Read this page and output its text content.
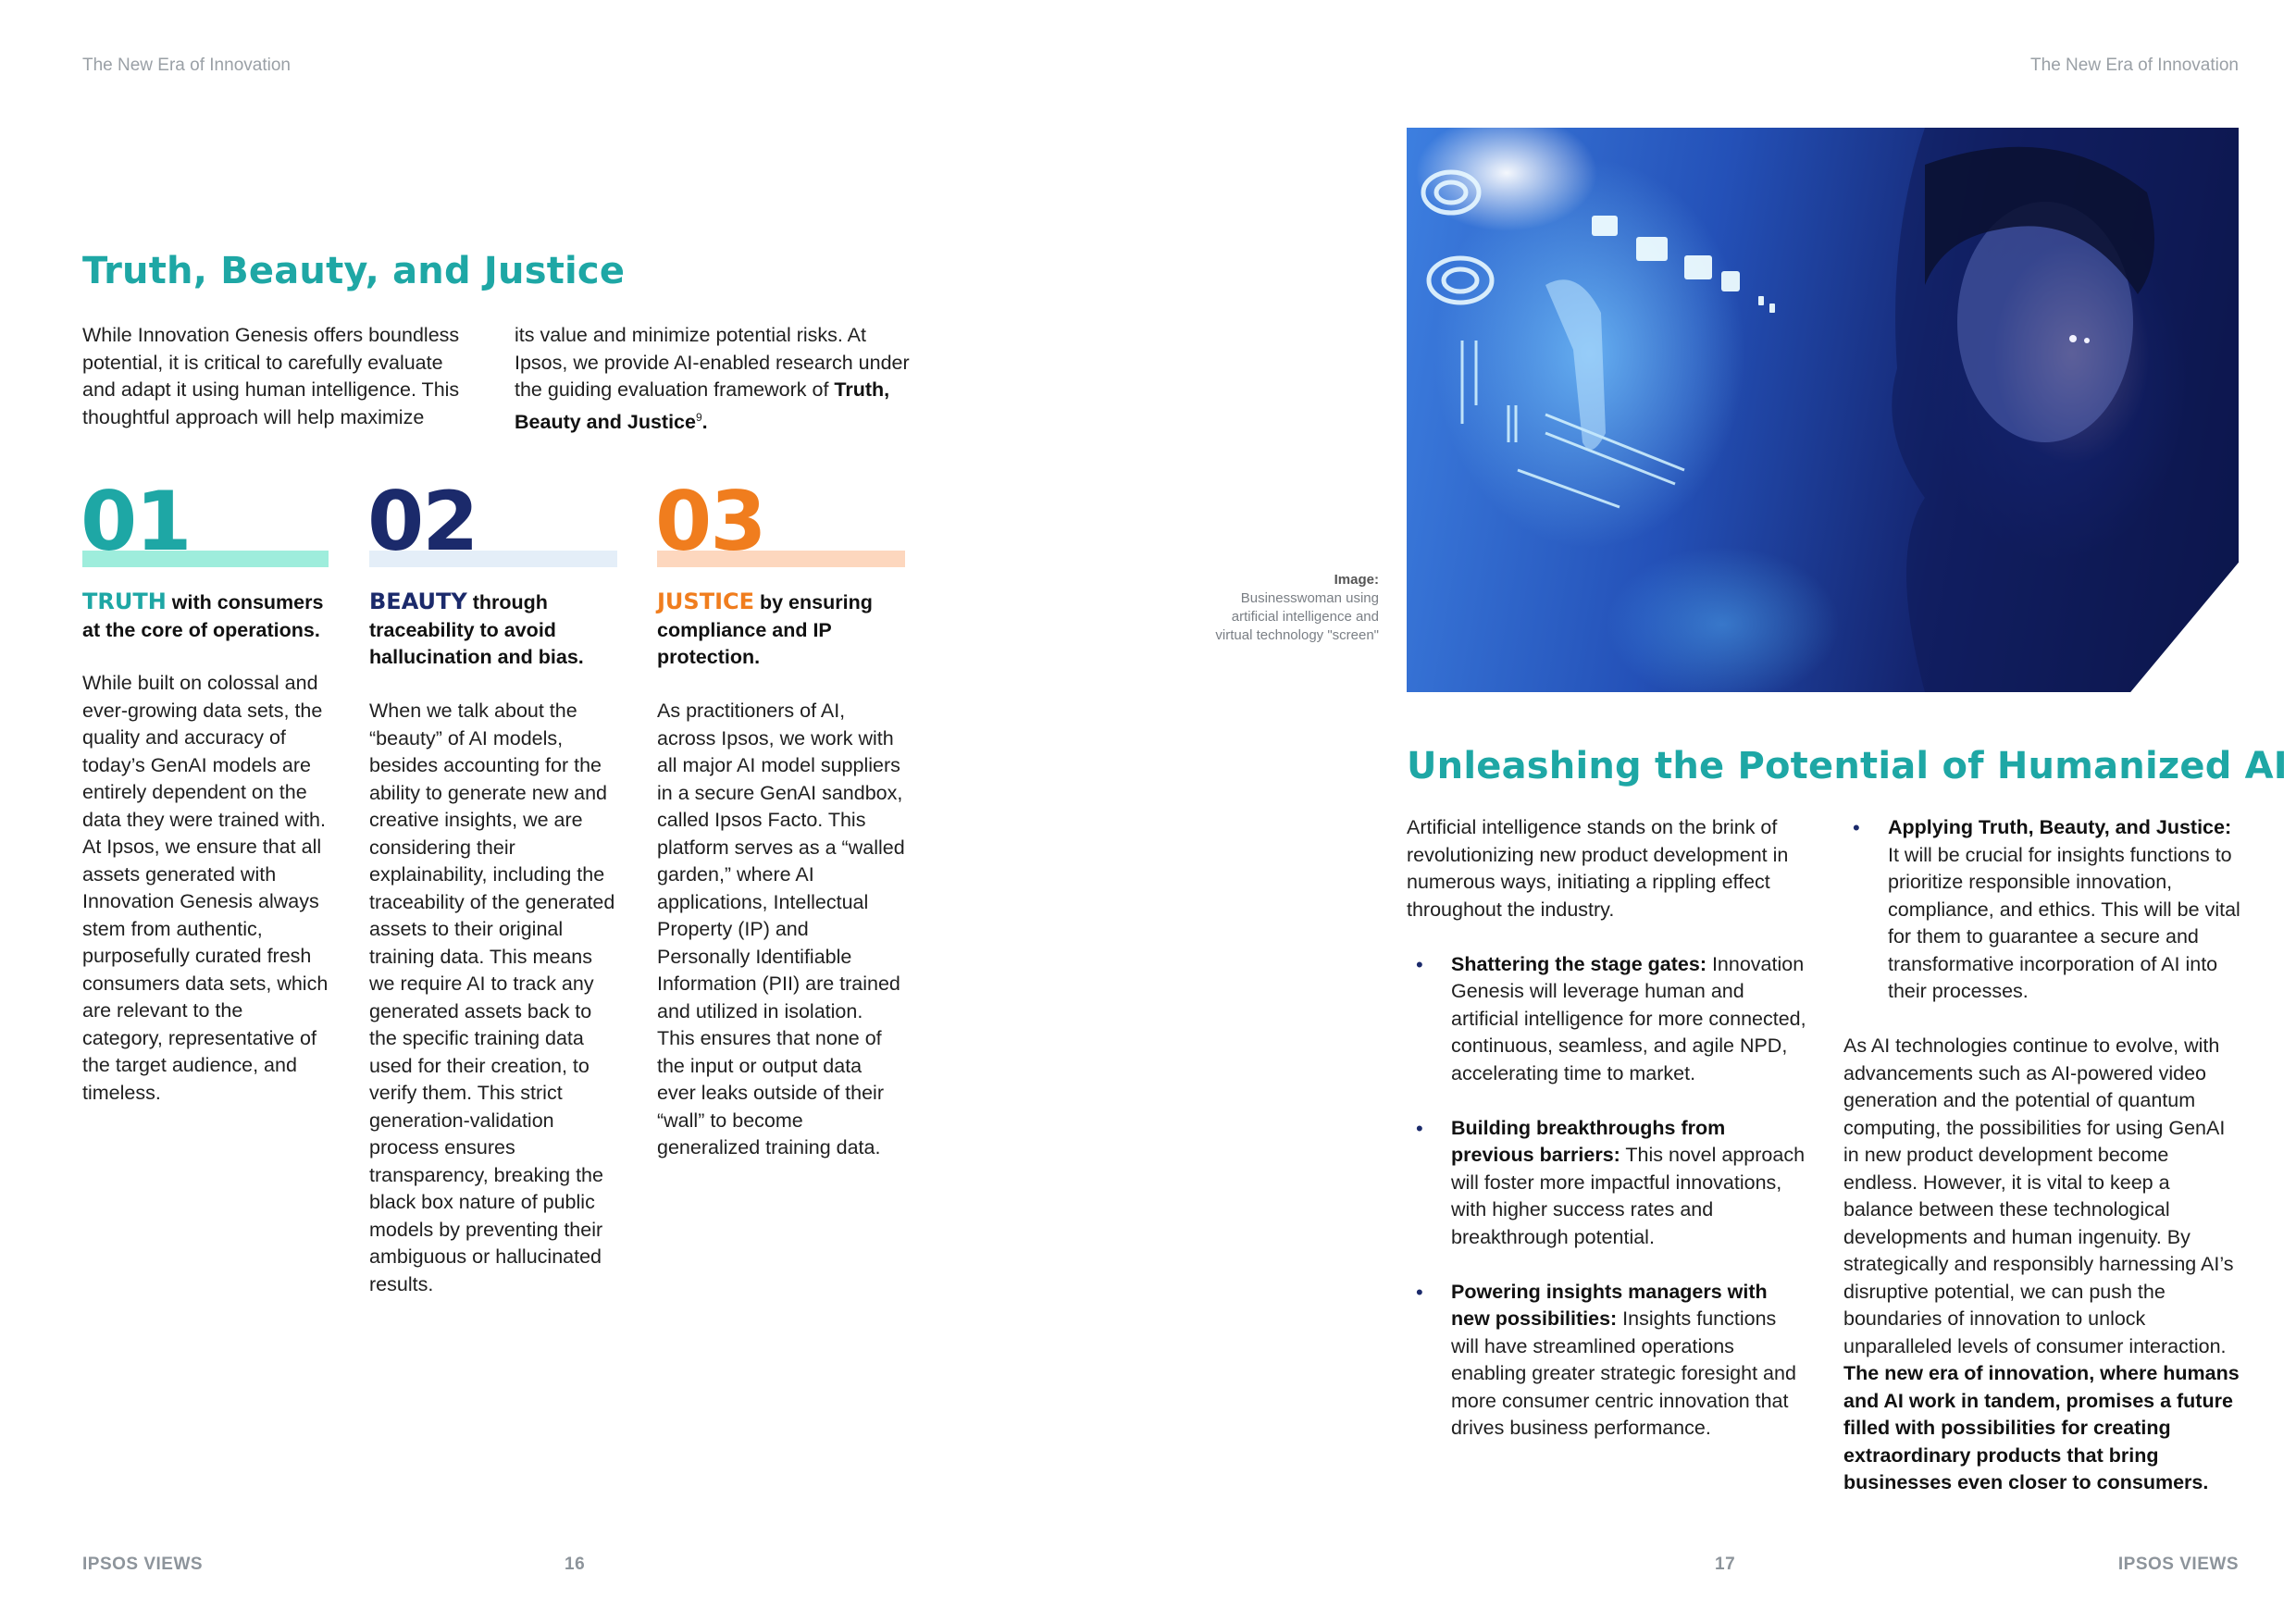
The New Era of Innovation	The New Era of Innovation
Truth, Beauty, and Justice
While Innovation Genesis offers boundless potential, it is critical to carefully evaluate and adapt it using human intelligence. This thoughtful approach will help maximize
its value and minimize potential risks. At Ipsos, we provide AI-enabled research under the guiding evaluation framework of Truth, Beauty and Justice$^9$.
01
TRUTH with consumers at the core of operations.
While built on colossal and ever-growing data sets, the quality and accuracy of today’s GenAI models are entirely dependent on the data they were trained with. At Ipsos, we ensure that all assets generated with Innovation Genesis always stem from authentic, purposefully curated fresh consumers data sets, which are relevant to the category, representative of the target audience, and timeless.
02
BEAUTY through traceability to avoid hallucination and bias.
When we talk about the “beauty” of AI models, besides accounting for the ability to generate new and creative insights, we are considering their explainability, including the traceability of the generated assets to their original training data. This means we require AI to track any generated assets back to the specific training data used for their creation, to verify them. This strict generation-validation process ensures transparency, breaking the black box nature of public models by preventing their ambiguous or hallucinated results.
03
JUSTICE by ensuring compliance and IP protection.
As practitioners of AI, across Ipsos, we work with all major AI model suppliers in a secure GenAI sandbox, called Ipsos Facto. This platform serves as a “walled garden,” where AI applications, Intellectual Property (IP) and Personally Identifiable Information (PII) are trained and utilized in isolation. This ensures that none of the input or output data ever leaks outside of their “wall” to become generalized training data.
IPSOS VIEWS	16
Image:
Businesswoman using artificial intelligence and virtual technology "screen"
Unleashing the Potential of Humanized AI

Artificial intelligence stands on the brink of revolutionizing new product development in numerous ways, initiating a rippling effect throughout the industry.

• Shattering the stage gates: Innovation Genesis will leverage human and artificial intelligence for more connected, continuous, seamless, and agile NPD, accelerating time to market.
• Building breakthroughs from previous barriers: This novel approach will foster more impactful innovations, with higher success rates and breakthrough potential.
• Powering insights managers with new possibilities: Insights functions will have streamlined operations enabling greater strategic foresight and more consumer centric innovation that drives business performance.
• Applying Truth, Beauty, and Justice: It will be crucial for insights functions to prioritize responsible innovation, compliance, and ethics. This will be vital for them to guarantee a secure and transformative incorporation of AI into their processes.

As AI technologies continue to evolve, with advancements such as AI-powered video generation and the potential of quantum computing, the possibilities for using GenAI in new product development become endless. However, it is vital to keep a balance between these technological developments and human ingenuity. By strategically and responsibly harnessing AI’s disruptive potential, we can push the boundaries of innovation to unlock unparalleled levels of consumer interaction. The new era of innovation, where humans and AI work in tandem, promises a future filled with possibilities for creating extraordinary products that bring businesses even closer to consumers.

17	IPSOS VIEWS
